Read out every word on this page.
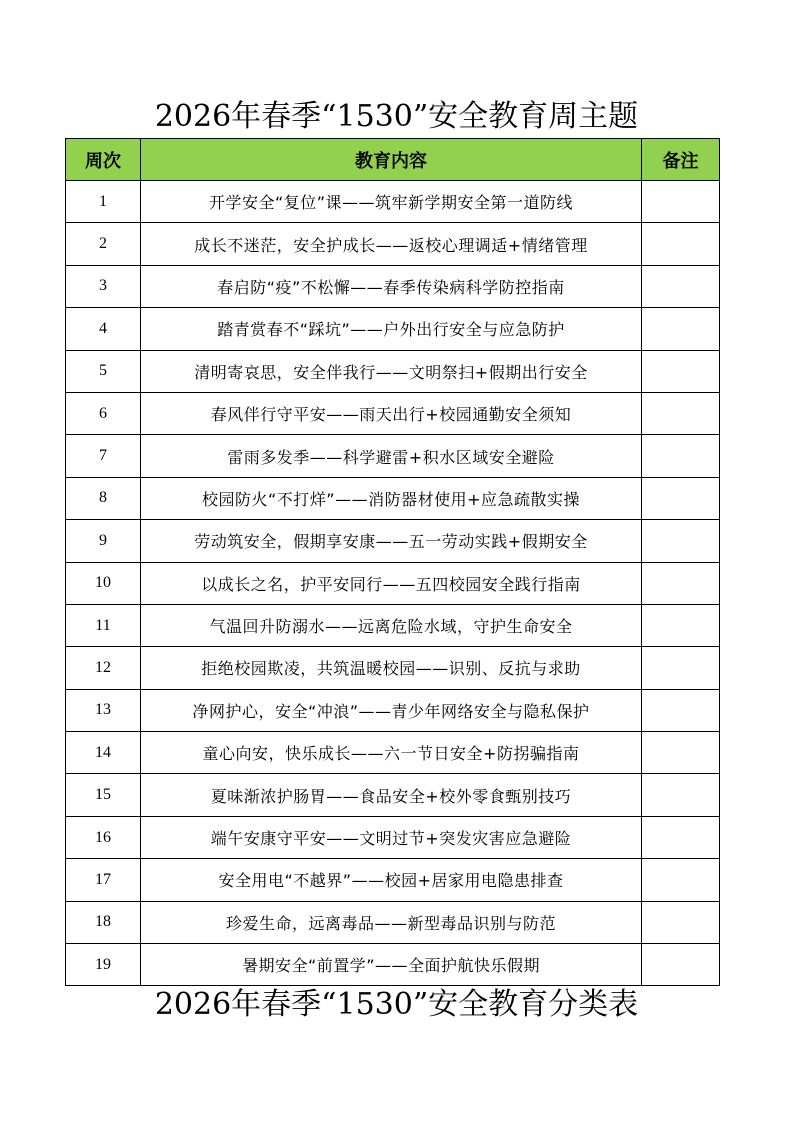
2026年春季“1530”安全教育周主题
周次	教育内容	备注
1	开学安全“复位”课——筑牢新学期安全第一道防线	
2	成长不迷茫，安全护成长——返校心理调适+情绪管理	
3	春启防“疫”不松懈——春季传染病科学防控指南	
4	踏青赏春不“踩坑”——户外出行安全与应急防护	
5	清明寄哀思，安全伴我行——文明祭扫+假期出行安全	
6	春风伴行守平安——雨天出行+校园通勤安全须知	
7	雷雨多发季——科学避雷+积水区域安全避险	
8	校园防火“不打烊”——消防器材使用+应急疏散实操	
9	劳动筑安全，假期享安康——五一劳动实践+假期安全	
10	以成长之名，护平安同行——五四校园安全践行指南	
11	气温回升防溺水——远离危险水域，守护生命安全	
12	拒绝校园欺凌，共筑温暖校园——识别、反抗与求助	
13	净网护心，安全“冲浪”——青少年网络安全与隐私保护	
14	童心向安，快乐成长——六一节日安全+防拐骗指南	
15	夏味渐浓护肠胃——食品安全+校外零食甄别技巧	
16	端午安康守平安——文明过节+突发灾害应急避险	
17	安全用电“不越界”——校园+居家用电隐患排查	
18	珍爱生命，远离毒品——新型毒品识别与防范	
19	暑期安全“前置学”——全面护航快乐假期	
2026年春季“1530”安全教育分类表
